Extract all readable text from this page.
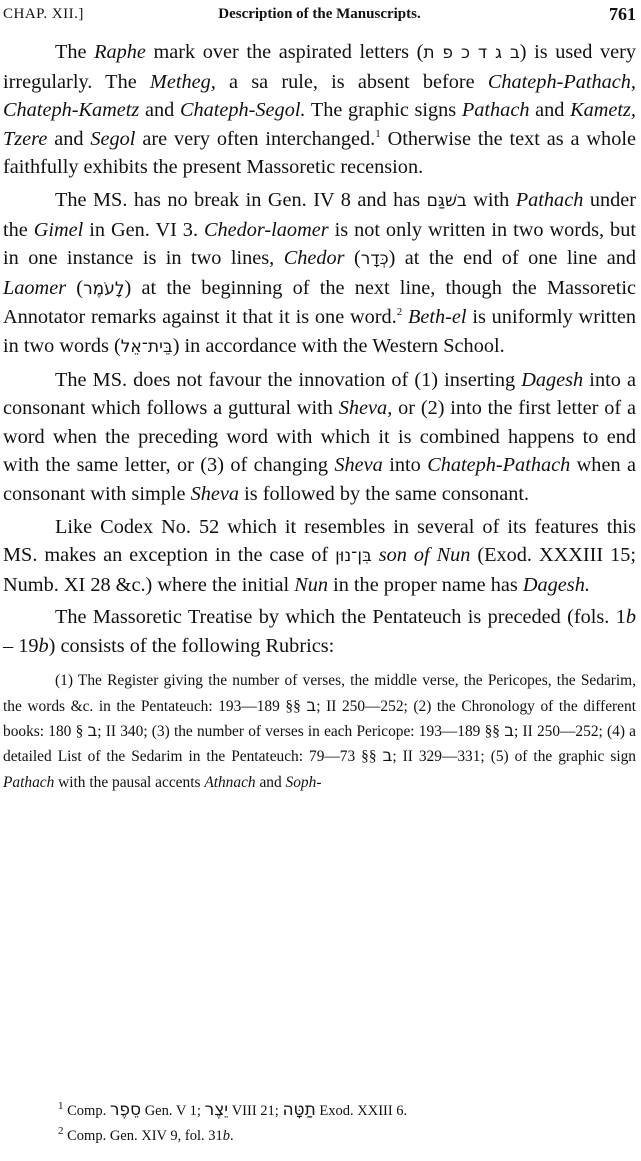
CHAP. XII.]	Description of the Manuscripts.	761

The Raphe mark over the aspirated letters (ב ג ד כ פ ת) is used very irregularly. The Metheg, a sa rule, is absent before Chateph-Pathach, Chateph-Kametz and Chateph-Segol. The graphic signs Pathach and Kametz, Tzere and Segol are very often interchanged.$^1$ Otherwise the text as a whole faithfully exhibits the present Massoretic recension.

The MS. has no break in Gen. IV 8 and has בשׁגַּם with Pathach under the Gimel in Gen. VI 3. Chedor-laomer is not only written in two words, but in one instance is in two lines, Chedor (כְּדָר) at the end of one line and Laomer (לָעֹמֶר) at the beginning of the next line, though the Massoretic Annotator remarks against it that it is one word.$^2$ Beth-el is uniformly written in two words (בֵּית־אֵל) in accordance with the Western School.

The MS. does not favour the innovation of (1) inserting Dagesh into a consonant which follows a guttural with Sheva, or (2) into the first letter of a word when the preceding word with which it is combined happens to end with the same letter, or (3) of changing Sheva into Chateph-Pathach when a consonant with simple Sheva is followed by the same consonant.

Like Codex No. 52 which it resembles in several of its features this MS. makes an exception in the case of בִּן־נוּן son of Nun (Exod. XXXIII 15; Numb. XI 28 &c.) where the initial Nun in the proper name has Dagesh.

The Massoretic Treatise by which the Pentateuch is preceded (fols. 1b – 19b) consists of the following Rubrics:

(1) The Register giving the number of verses, the middle verse, the Pericopes, the Sedarim, the words &c. in the Pentateuch:	ב §§ 189—193; II 250—252; (2) the Chronology of the different books: ב § 180; II 340; (3) the number of verses in each Pericope:	ב §§ 189—193; II 250—252; (4) a detailed List of the Sedarim in the Pentateuch:	ב §§ 73—79; II 329—331; (5) of the graphic sign Pathach with the pausal accents Athnach and Soph-

$^1$ Comp. סֵפֶר Gen. V 1; יֵצֶר VIII 21; תַטָּה Exod. XXIII 6.
$^2$ Comp. Gen. XIV 9, fol. 31b.
